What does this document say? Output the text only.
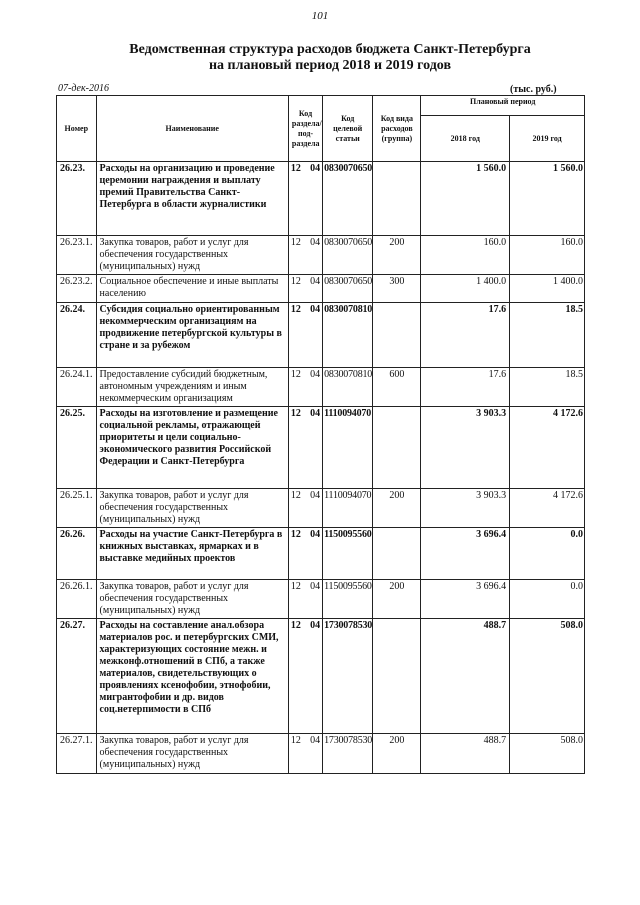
101
Ведомственная структура расходов бюджета Санкт-Петербурга
на плановый период 2018 и 2019 годов
07-дек-2016	(тыс. руб.)
Номер	Наименование	Код раздела/ под- раздела	Код целевой статьи	Код вида расходов (группа)	Плановый период	
					2018 год	2019 год
26.23.	Расходы на организацию и проведение церемонии награждения и выплату премий Правительства Санкт-Петербурга в области журналистики	12 04	0830070650		1 560.0	1 560.0
26.23.1.	Закупка товаров, работ и услуг для обеспечения государственных (муниципальных) нужд	12 04	0830070650	200	160.0	160.0
26.23.2.	Социальное обеспечение и иные выплаты населению	12 04	0830070650	300	1 400.0	1 400.0
26.24.	Субсидия социально ориентированным некоммерческим организациям на продвижение петербургской культуры в стране и за рубежом	12 04	0830070810		17.6	18.5
26.24.1.	Предоставление субсидий бюджетным, автономным учреждениям и иным некоммерческим организациям	12 04	0830070810	600	17.6	18.5
26.25.	Расходы на изготовление и размещение социальной рекламы, отражающей приоритеты и цели социально-экономического развития Российской Федерации и Санкт-Петербурга	12 04	1110094070		3 903.3	4 172.6
26.25.1.	Закупка товаров, работ и услуг для обеспечения государственных (муниципальных) нужд	12 04	1110094070	200	3 903.3	4 172.6
26.26.	Расходы на участие Санкт-Петербурга в книжных выставках, ярмарках и в выставке медийных проектов	12 04	1150095560		3 696.4	0.0
26.26.1.	Закупка товаров, работ и услуг для обеспечения государственных (муниципальных) нужд	12 04	1150095560	200	3 696.4	0.0
26.27.	Расходы на составление анал.обзора материалов рос. и петербургских СМИ, характеризующих состояние межн. и межконф.отношений в СПб, а также материалов, свидетельствующих о проявлениях ксенофобии, этнофобии, мигрантофобии и др. видов соц.нетерпимости в СПб	12 04	1730078530		488.7	508.0
26.27.1.	Закупка товаров, работ и услуг для обеспечения государственных (муниципальных) нужд	12 04	1730078530	200	488.7	508.0
